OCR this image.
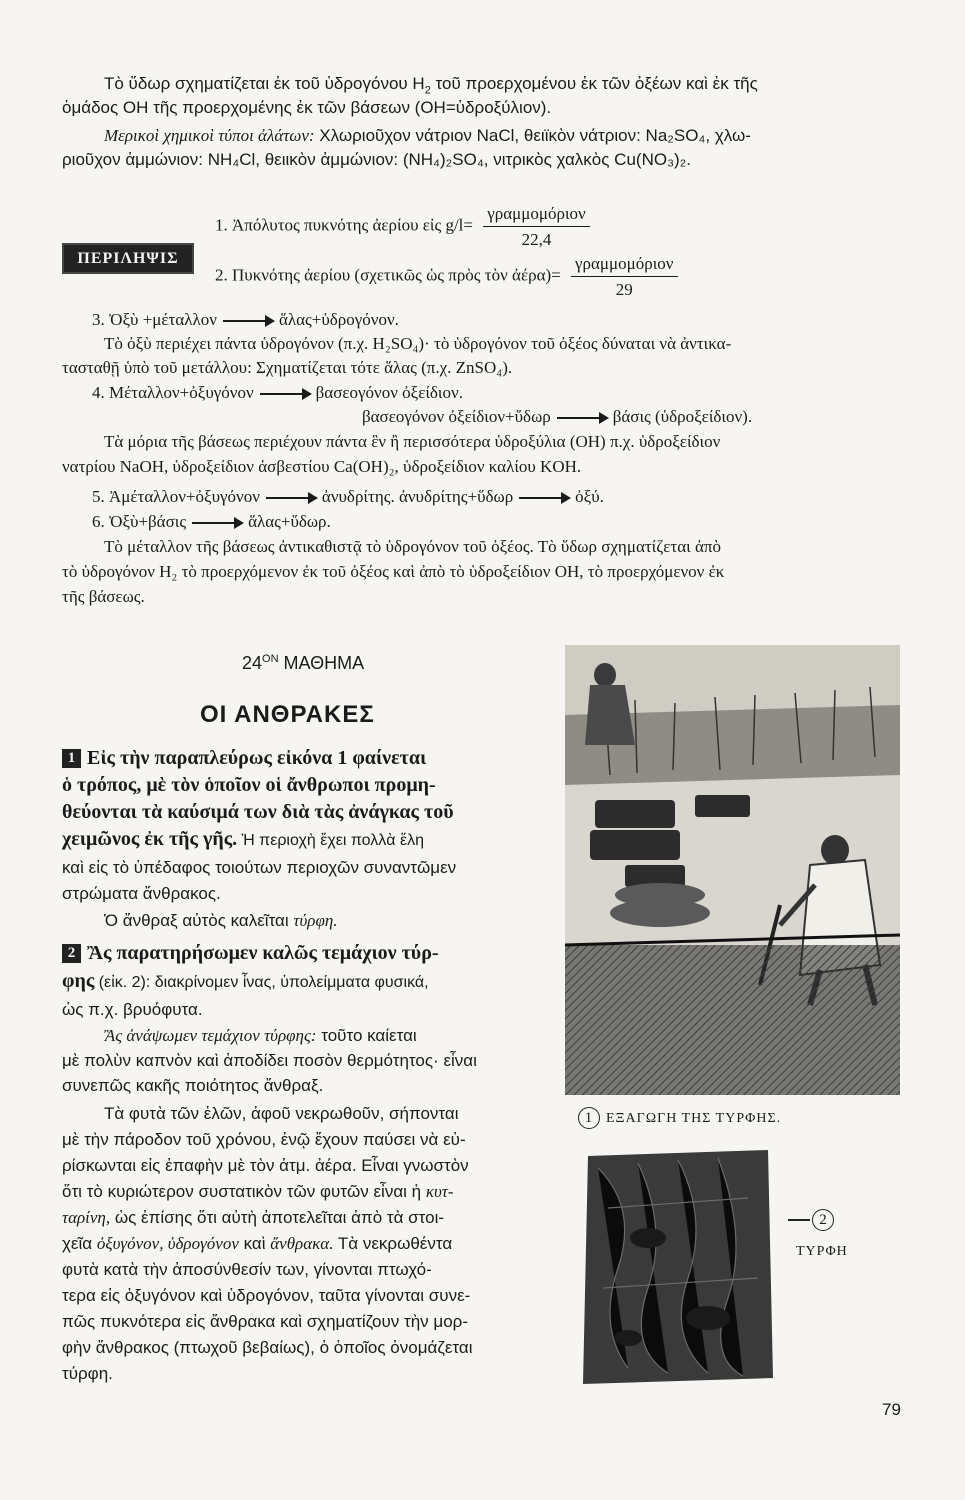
Τὸ ὕδωρ σχηματίζεται ἐκ τοῦ ὑδρογόνου $H_2$ τοῦ προερχομένου ἐκ τῶν ὀξέων καὶ ἐκ τῆς

ὁμάδος ΟΗ τῆς προερχομένης ἐκ τῶν βάσεων (ΟΗ=ὑδροξύλιον).

Μερικοὶ χημικοὶ τύποι ἀλάτων: Χλωριοῦχον νάτριον NaCl, θειϊκὸν νάτριον: Na₂SO₄, χλω-

ριοῦχον ἀμμώνιον: NH₄Cl, θειικὸν ἀμμώνιον: (NH₄)₂SO₄, νιτρικὸς χαλκὸς Cu(NO₃)₂.

ΠΕΡΙΛΗΨΙΣ
1. Ἀπόλυτος πυκνότης ἀερίου εἰς $g/l= \frac{\text{γραμμομόριον}}{22,4}$
2. Πυκνότης ἀερίου (σχετικῶς ὡς πρὸς τὸν ἀέρα)= $\frac{\text{γραμμομόριον}}{29}$
3. Ὀξὺ +μέταλλον	ἅλας+ὑδρογόνον.

Τὸ ὀξὺ περιέχει πάντα ὑδρογόνον (π.χ. H₂SO₄)· τὸ ὑδρογόνον τοῦ ὀξέος δύναται νὰ ἀντικα-

τασταθῇ ὑπὸ τοῦ μετάλλου: Σχηματίζεται τότε ἅλας (π.χ. ZnSO₄).

4. Μέταλλον+ὀξυγόνον	βασεογόνον ὀξείδιον.
βασεογόνον ὀξείδιον+ὕδωρ	βάσις (ὑδροξείδιον).

Τὰ μόρια τῆς βάσεως περιέχουν πάντα ἓν ἢ περισσότερα ὑδροξύλια (ΟΗ) π.χ. ὑδροξείδιον

νατρίου NaOH, ὑδροξείδιον ἀσβεστίου Ca(OH)₂, ὑδροξείδιον καλίου KOH.

5. Ἀμέταλλον+ὀξυγόνον	ἀνυδρίτης. ἀνυδρίτης+ὕδωρ	ὀξύ.
6. Ὀξὺ+βάσις	ἅλας+ὕδωρ.

Τὸ μέταλλον τῆς βάσεως ἀντικαθιστᾷ τὸ ὑδρογόνον τοῦ ὀξέος. Τὸ ὕδωρ σχηματίζεται ἀπὸ

τὸ ὑδρογόνον H₂ τὸ προερχόμενον ἐκ τοῦ ὀξέος καὶ ἀπὸ τὸ ὑδροξείδιον ΟΗ, τὸ προερχόμενον ἐκ

τῆς βάσεως.

$24^{ON}$ ΜΑΘΗΜΑ
ΟΙ ΑΝΘΡΑΚΕΣ
1 Εἰς τὴν παραπλεύρως εἰκόνα 1 φαίνεται
ὁ τρόπος, μὲ τὸν ὁποῖον οἱ ἄνθρωποι προμη-
θεύονται τὰ καύσιμά των διὰ τὰς ἀνάγκας τοῦ
χειμῶνος ἐκ τῆς γῆς. Ἡ περιοχὴ ἔχει πολλὰ ἕλη

καὶ εἰς τὸ ὑπέδαφος τοιούτων περιοχῶν συναντῶμεν

στρώματα ἄνθρακος.

Ὁ ἄνθραξ αὐτὸς καλεῖται τύρφη.

2 Ἂς παρατηρήσωμεν καλῶς τεμάχιον τύρ-
φης (εἰκ. 2): διακρίνομεν ἶνας, ὑπολείμματα φυσικά,

ὡς π.χ. βρυόφυτα.

Ἂς ἀνάψωμεν τεμάχιον τύρφης: τοῦτο καίεται

μὲ πολὺν καπνὸν καὶ ἀποδίδει ποσὸν θερμότητος· εἶναι

συνεπῶς κακῆς ποιότητος ἄνθραξ.

Τὰ φυτὰ τῶν ἑλῶν, ἀφοῦ νεκρωθοῦν, σήπονται

μὲ τὴν πάροδον τοῦ χρόνου, ἐνῷ ἔχουν παύσει νὰ εὑ-

ρίσκωνται εἰς ἐπαφὴν μὲ τὸν ἀτμ. ἀέρα. Εἶναι γνωστὸν

ὅτι τὸ κυριώτερον συστατικὸν τῶν φυτῶν εἶναι ἡ κυτ-

ταρίνη, ὡς ἐπίσης ὅτι αὐτὴ ἀποτελεῖται ἀπὸ τὰ στοι-

χεῖα ὀξυγόνον, ὑδρογόνον καὶ ἄνθρακα. Τὰ νεκρωθέντα

φυτὰ κατὰ τὴν ἀποσύνθεσίν των, γίνονται πτωχό-

τερα εἰς ὀξυγόνον καὶ ὑδρογόνον, ταῦτα γίνονται συνε-

πῶς πυκνότερα εἰς ἄνθρακα καὶ σχηματίζουν τὴν μορ-

φὴν ἄνθρακος (πτωχοῦ βεβαίως), ὁ ὁποῖος ὀνομάζεται

τύρφη.

1 ΕΞΑΓΩΓΗ ΤΗΣ ΤΥΡΦΗΣ.
2
ΤΥΡΦΗ
79
